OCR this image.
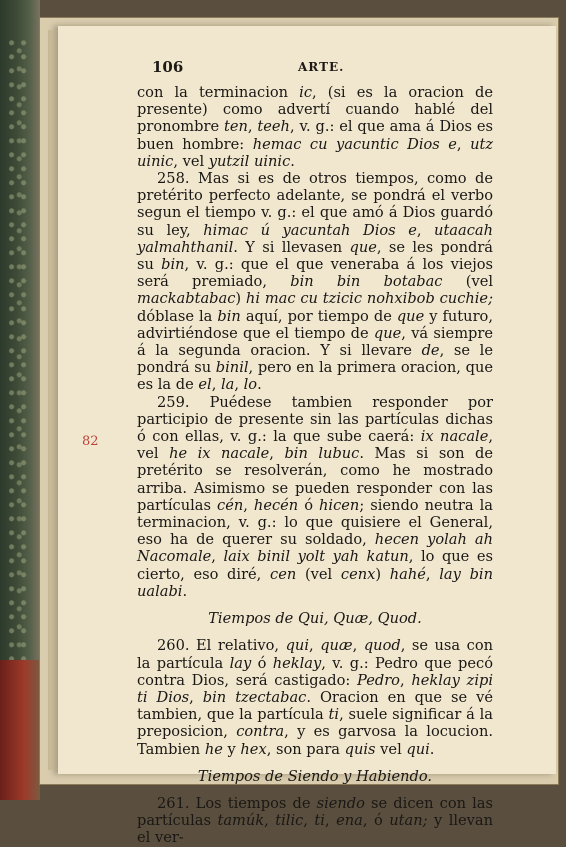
106	ARTE.
82

con la terminacion ic, (si es la oracion de presente) como advertí cuando hablé del pronombre ten, teeh, v. g.: el que ama á Dios es buen hombre: hemac cu yacuntic Dios e, utz uinic, vel yutzil uinic.

258. Mas si es de otros tiempos, como de pretérito perfecto adelante, se pondrá el verbo segun el tiempo v. g.: el que amó á Dios guardó su ley, himac ú yacuntah Dios e, utaacah yalmahthanil. Y si llevasen que, se les pondrá su bin, v. g.: que el que veneraba á los viejos será premiado, bin bin botabac (vel mackabtabac) hi mac cu tzicic nohxibob cuchie; dóblase la bin aquí, por tiempo de que y futuro, advirtiéndose que el tiempo de que, vá siempre á la segunda oracion. Y si llevare de, se le pondrá su binil, pero en la primera oracion, que es la de el, la, lo.

259. Puédese tambien responder por participio de presente sin las partículas dichas ó con ellas, v. g.: la que sube caerá: ix nacale, vel he ix nacale, bin lubuc. Mas si son de pretérito se resolverán, como he mostrado arriba. Asimismo se pueden responder con las partículas cén, hecén ó hicen; siendo neutra la terminacion, v. g.: lo que quisiere el General, eso ha de querer su soldado, hecen yolah ah Nacomale, laix binil yolt yah katun, lo que es cierto, eso diré, cen (vel cenx) hahé, lay bin ualabi.

Tiempos de Qui, Quæ, Quod.

260. El relativo, qui, quæ, quod, se usa con la partícula lay ó heklay, v. g.: Pedro que pecó contra Dios, será castigado: Pedro, heklay zipi ti Dios, bin tzectabac. Oracion en que se vé tambien, que la partícula ti, suele significar á la preposicion, contra, y es garvosa la locucion. Tambien he y hex, son para quis vel qui.

Tiempos de Siendo y Habiendo.

261. Los tiempos de siendo se dicen con las partículas tamúk, tilic, ti, ena, ó utan; y llevan el ver-
